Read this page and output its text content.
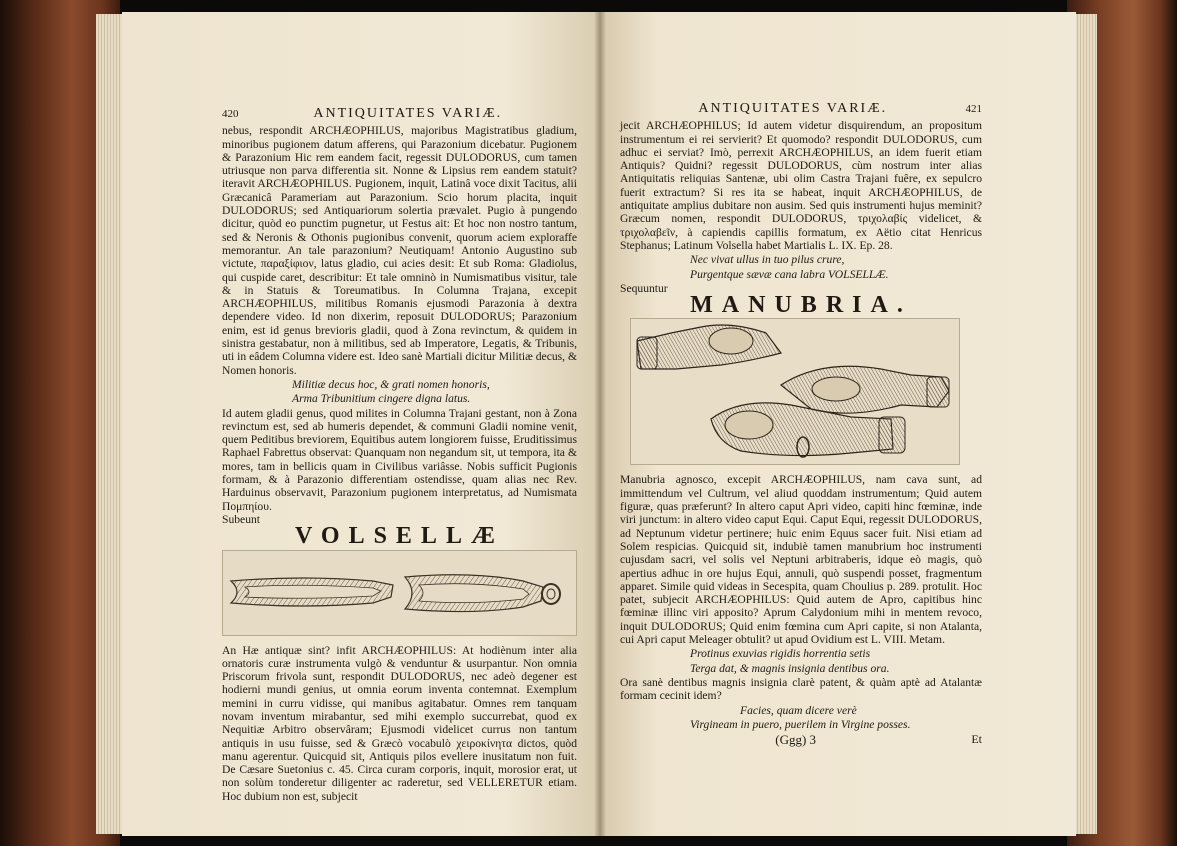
420	ANTIQUITATES VARIÆ.

nebus, respondit ARCHÆOPHILUS, majoribus Magistratibus gladium, minoribus pugionem datum afferens, qui Parazonium dicebatur. Pugionem & Parazonium Hic rem eandem facit, regessit DULODORUS, cum tamen utriusque non parva differentia sit. Nonne & Lipsius rem eandem statuit? iteravit ARCHÆOPHILUS. Pugionem, inquit, Latinâ voce dixit Tacitus, alii Græcanicâ Parameriam aut Parazonium. Scio horum placita, inquit DULODORUS; sed Antiquariorum solertia prævalet. Pugio à pungendo dicitur, quòd eo punctim pugnetur, ut Festus ait: Et hoc non nostro tantum, sed & Neronis & Othonis pugionibus convenit, quorum aciem exploraffe memorantur. An tale parazonium? Neutiquam! Antonio Augustino sub victute, παραξίφιον, latus gladio, cui acies desit: Et sub Roma: Gladiolus, qui cuspide caret, describitur: Et tale omninò in Numismatibus visitur, tale & in Statuis & Toreumatibus. In Columna Trajana, excepit ARCHÆOPHILUS, militibus Romanis ejusmodi Parazonia à dextra dependere video. Id non dixerim, reposuit DULODORUS; Parazonium enim, est id genus brevioris gladii, quod à Zona revinctum, & quidem in sinistra gestabatur, non à militibus, sed ab Imperatore, Legatis, & Tribunis, uti in eâdem Columna videre est. Ideo sanè Martiali dicitur Militiæ decus, & Nomen honoris.

Militiæ decus hoc, & grati nomen honoris,
Arma Tribunitium cingere digna latus.

Id autem gladii genus, quod milites in Columna Trajani gestant, non à Zona revinctum est, sed ab humeris dependet, & communi Gladii nomine venit, quem Peditibus breviorem, Equitibus autem longiorem fuisse, Eruditissimus Raphael Fabrettus observat: Quanquam non negandum sit, ut tempora, ita & mores, tam in bellicis quam in Civilibus variâsse. Nobis sufficit Pugionis formam, & à Parazonio differentiam ostendisse, quam alias nec Rev. Harduinus observavit, Parazonium pugionem interpretatus, ad Numismata Πομπηίου.

Subeunt
VOLSELLÆ

An Hæ antiquæ sint? infit ARCHÆOPHILUS: At hodiènum inter alia ornatoris curæ instrumenta vulgò & venduntur & usurpantur. Non omnia Priscorum frivola sunt, respondit DULODORUS, nec adeò degener est hodierni mundi genius, ut omnia eorum inventa contemnat. Exemplum memini in curru vidisse, qui manibus agitabatur. Omnes rem tanquam novam inventum mirabantur, sed mihi exemplo succurrebat, quod ex Nequitiæ Arbitro observâram; Ejusmodi videlicet currus non tantum antiquis in usu fuisse, sed & Græcò vocabulò χειροκίνητα dictos, quòd manu agerentur. Quicquid sit, Antiquis pilos evellere inusitatum non fuit. De Cæsare Suetonius c. 45. Circa curam corporis, inquit, morosior erat, ut non solùm tonderetur diligenter ac raderetur, sed VELLERETUR etiam. Hoc dubium non est, subjecit

ANTIQUITATES VARIÆ.	421

jecit ARCHÆOPHILUS; Id autem videtur disquirendum, an propositum instrumentum ei rei servierit? Et quomodo? respondit DULODORUS, cum adhuc ei serviat? Imò, perrexit ARCHÆOPHILUS, an idem fuerit etiam Antiquis? Quidni? regessit DULODORUS, cùm nostrum inter alias Antiquitatis reliquias Santenæ, ubi olim Castra Trajani fuêre, ex sepulcro fuerit extractum? Si res ita se habeat, inquit ARCHÆOPHILUS, de antiquitate amplius dubitare non ausim. Sed quis instrumenti hujus meminit? Græcum nomen, respondit DULODORUS, τριχολαβίς videlicet, & τριχολαβεῖν, à capiendis capillis formatum, ex Aëtio citat Henricus Stephanus; Latinum Volsella habet Martialis L. IX. Ep. 28.

Nec vivat ullus in tuo pilus crure,
Purgentque sævæ cana labra VOLSELLÆ.
Sequuntur
MANUBRIA.

Manubria agnosco, excepit ARCHÆOPHILUS, nam cava sunt, ad immittendum vel Cultrum, vel aliud quoddam instrumentum; Quid autem figuræ, quas præferunt? In altero caput Apri video, capiti hinc fœminæ, inde viri junctum: in altero video caput Equi. Caput Equi, regessit DULODORUS, ad Neptunum videtur pertinere; huic enim Equus sacer fuit. Nisi etiam ad Solem respicias. Quicquid sit, indubiè tamen manubrium hoc instrumenti cujusdam sacri, vel solis vel Neptuni arbitraberis, idque eò magis, quò apertius adhuc in ore hujus Equi, annuli, quò suspendi posset, fragmentum apparet. Simile quid videas in Secespita, quam Choulius p. 289. protulit. Hoc patet, subjecit ARCHÆOPHILUS: Quid autem de Apro, capitibus hinc fœminæ illinc viri apposito? Aprum Calydonium mihi in mentem revoco, inquit DULODORUS; Quid enim fœmina cum Apri capite, si non Atalanta, cui Apri caput Meleager obtulit? ut apud Ovidium est L. VIII. Metam.

Protinus exuvias rigidis horrentia setis
Terga dat, & magnis insignia dentibus ora.

Ora sanè dentibus magnis insignia clarè patent, & quàm aptè ad Atalantæ formam cecinit idem?

Facies, quam dicere verè
Virgineam in puero, puerilem in Virgine posses.
(Ggg) 3	Et
